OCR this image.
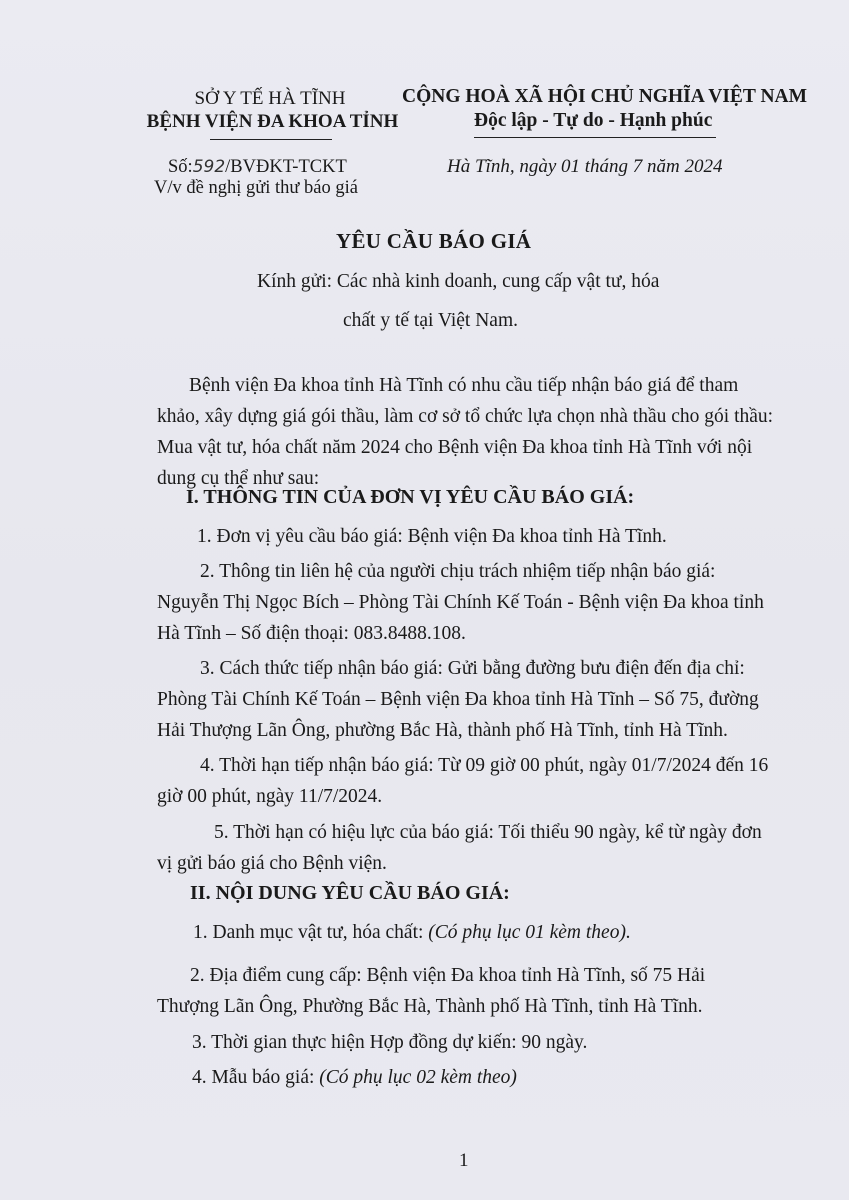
SỞ Y TẾ HÀ TĨNH
BỆNH VIỆN ĐA KHOA TỈNH
Số:592/BVĐKT-TCKT
V/v đề nghị gửi thư báo giá
CỘNG HOÀ XÃ HỘI CHỦ NGHĨA VIỆT NAM
Độc lập - Tự do - Hạnh phúc
Hà Tĩnh, ngày 01 tháng 7 năm 2024
YÊU CẦU BÁO GIÁ
Kính gửi: Các nhà kinh doanh, cung cấp vật tư, hóa
chất y tế tại Việt Nam.
Bệnh viện Đa khoa tỉnh Hà Tĩnh có nhu cầu tiếp nhận báo giá để tham
khảo, xây dựng giá gói thầu, làm cơ sở tổ chức lựa chọn nhà thầu cho gói thầu:
Mua vật tư, hóa chất năm 2024 cho Bệnh viện Đa khoa tỉnh Hà Tĩnh với nội
dung cụ thể như sau:
I. THÔNG TIN CỦA ĐƠN VỊ YÊU CẦU BÁO GIÁ:
1. Đơn vị yêu cầu báo giá: Bệnh viện Đa khoa tỉnh Hà Tĩnh.
2. Thông tin liên hệ của người chịu trách nhiệm tiếp nhận báo giá:
Nguyễn Thị Ngọc Bích – Phòng Tài Chính Kế Toán - Bệnh viện Đa khoa tỉnh
Hà Tĩnh – Số điện thoại: 083.8488.108.
3. Cách thức tiếp nhận báo giá: Gửi bằng đường bưu điện đến địa chỉ:
Phòng Tài Chính Kế Toán – Bệnh viện Đa khoa tỉnh Hà Tĩnh – Số 75, đường
Hải Thượng Lãn Ông, phường Bắc Hà, thành phố Hà Tĩnh, tỉnh Hà Tĩnh.
4. Thời hạn tiếp nhận báo giá: Từ 09 giờ 00 phút, ngày 01/7/2024 đến 16
giờ 00 phút, ngày 11/7/2024.
5. Thời hạn có hiệu lực của báo giá: Tối thiểu 90 ngày, kể từ ngày đơn
vị gửi báo giá cho Bệnh viện.
II. NỘI DUNG YÊU CẦU BÁO GIÁ:
1. Danh mục vật tư, hóa chất: (Có phụ lục 01 kèm theo).
2. Địa điểm cung cấp: Bệnh viện Đa khoa tỉnh Hà Tĩnh, số 75 Hải
Thượng Lãn Ông, Phường Bắc Hà, Thành phố Hà Tĩnh, tỉnh Hà Tĩnh.
3. Thời gian thực hiện Hợp đồng dự kiến: 90 ngày.
4. Mẫu báo giá: (Có phụ lục 02 kèm theo)
1
